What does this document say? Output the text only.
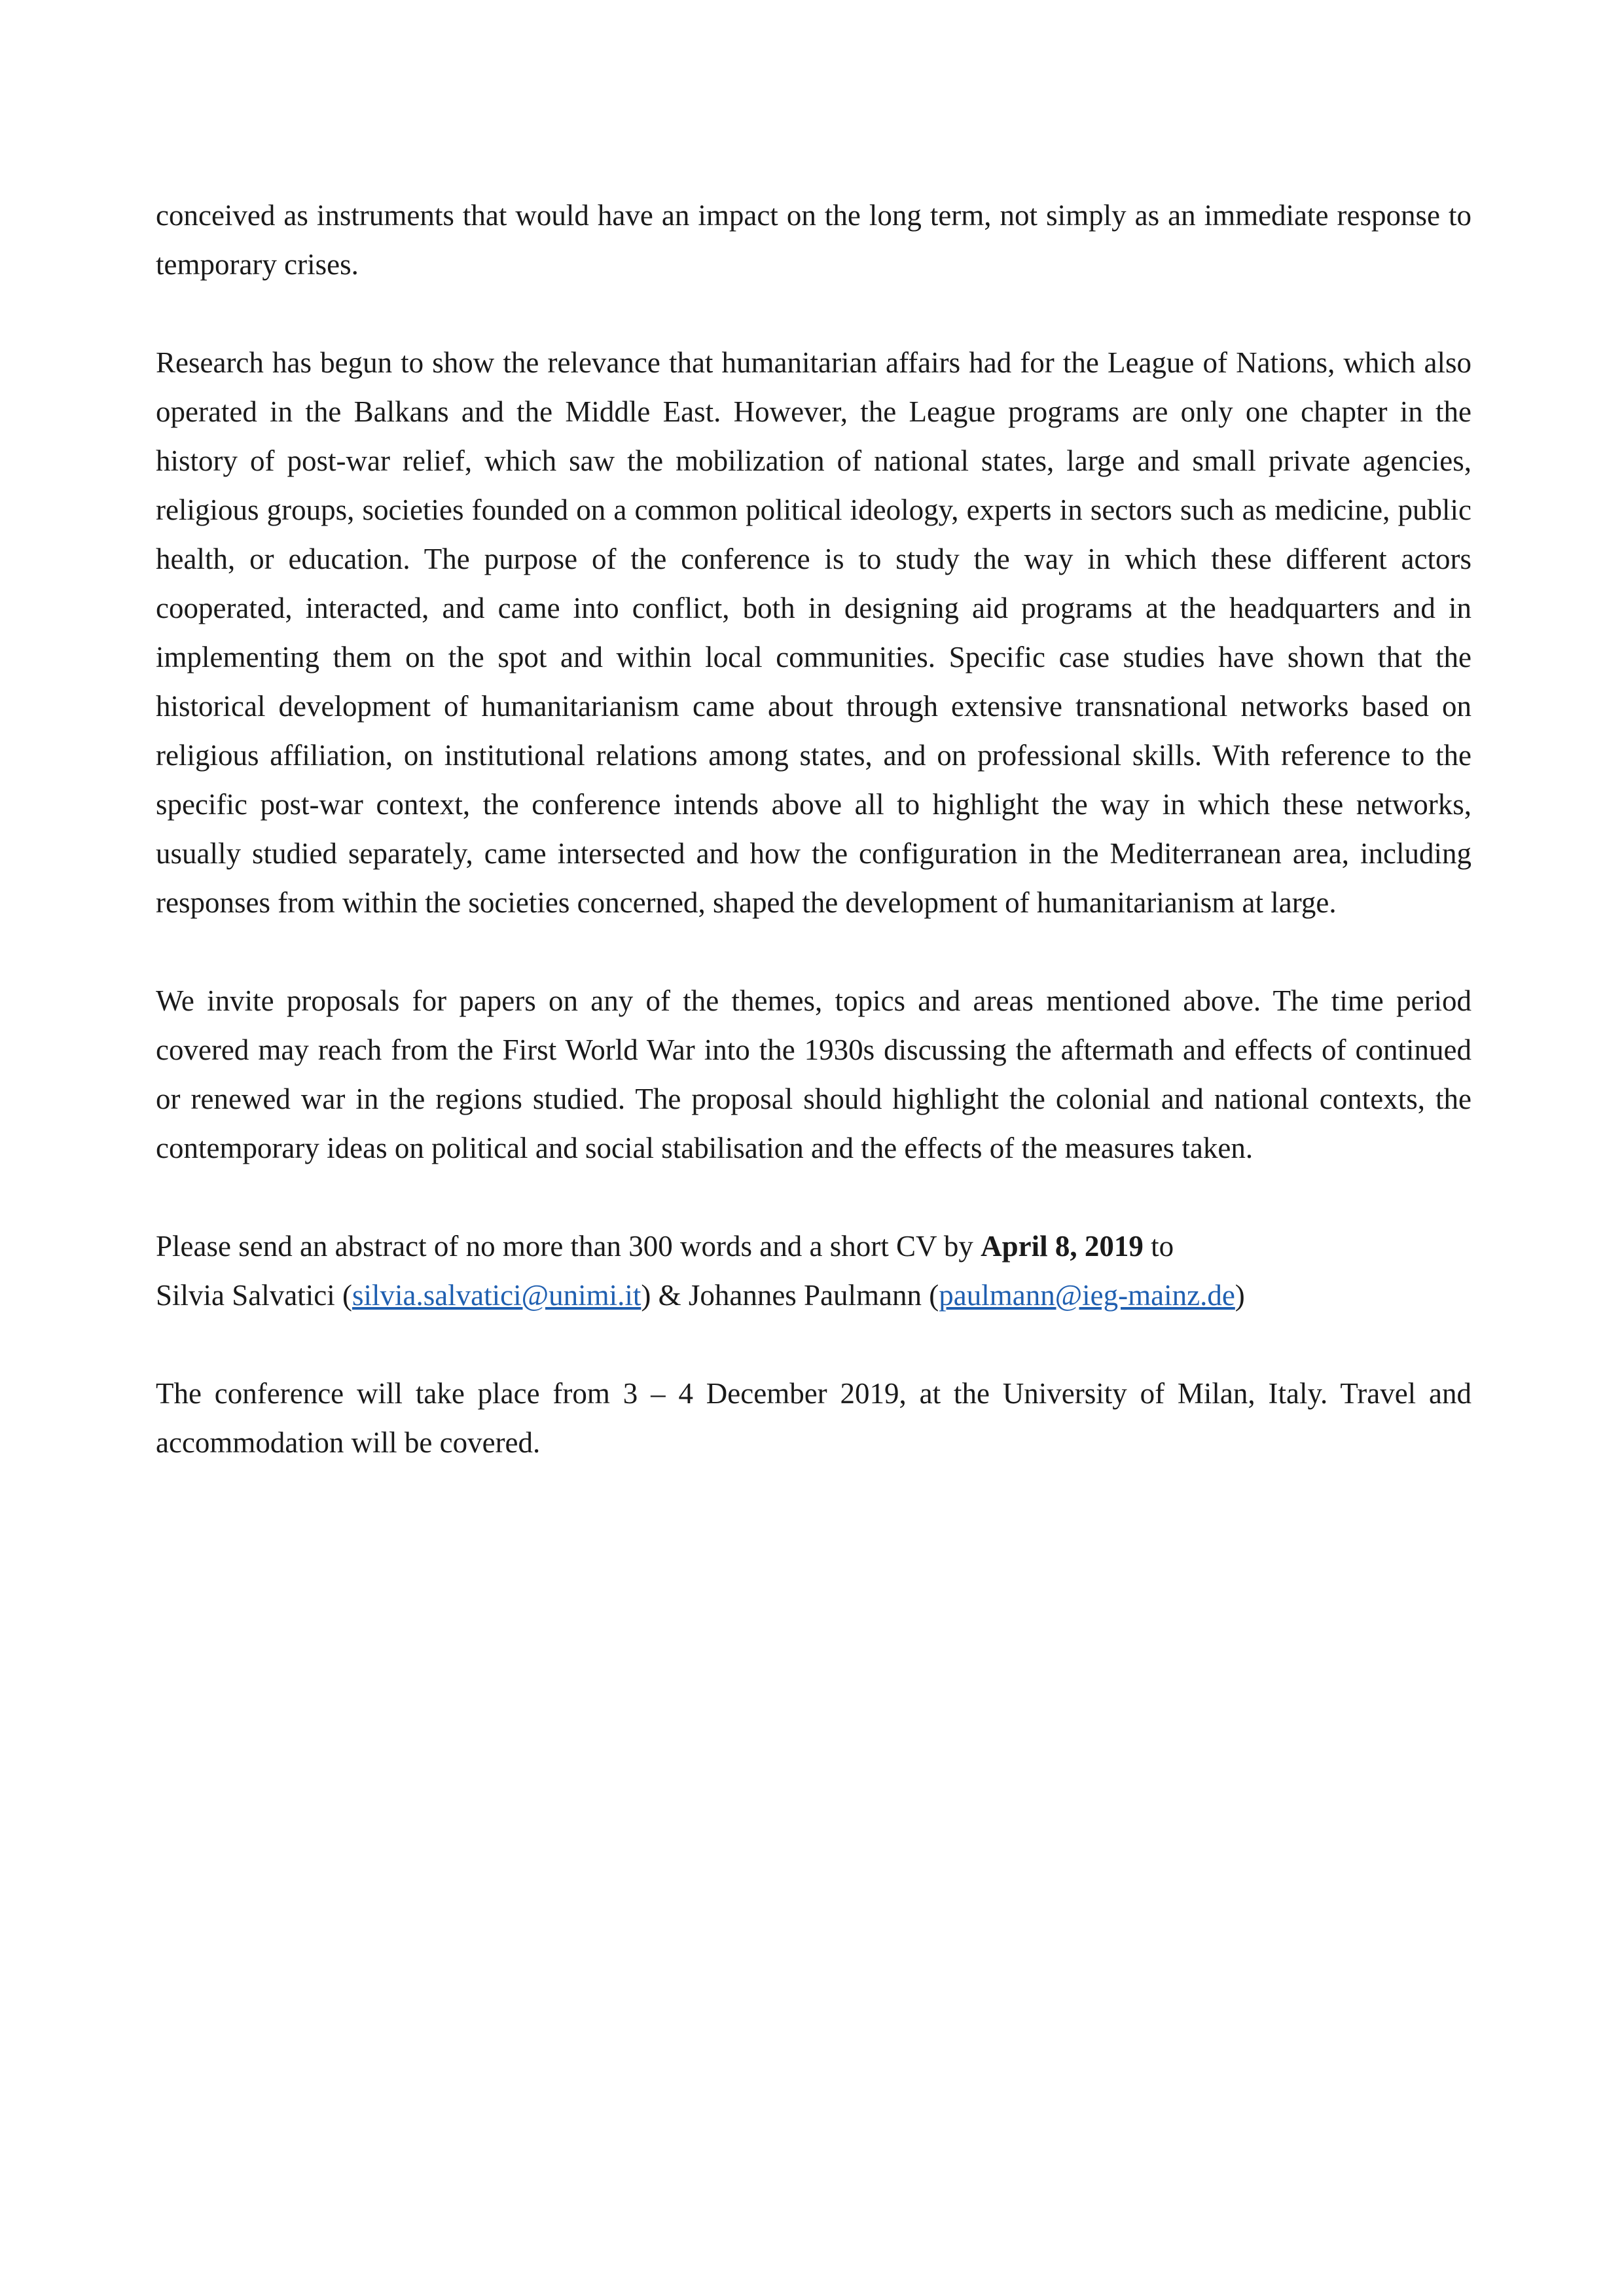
conceived as instruments that would have an impact on the long term, not simply as an immediate response to temporary crises.

Research has begun to show the relevance that humanitarian affairs had for the League of Nations, which also operated in the Balkans and the Middle East. However, the League programs are only one chapter in the history of post-war relief, which saw the mobilization of national states, large and small private agencies, religious groups, societies founded on a common political ideology, experts in sectors such as medicine, public health, or education. The purpose of the conference is to study the way in which these different actors cooperated, interacted, and came into conflict, both in designing aid programs at the headquarters and in implementing them on the spot and within local communities. Specific case studies have shown that the historical development of humanitarianism came about through extensive transnational networks based on religious affiliation, on institutional relations among states, and on professional skills. With reference to the specific post-war context, the conference intends above all to highlight the way in which these networks, usually studied separately, came intersected and how the configuration in the Mediterranean area, including responses from within the societies concerned, shaped the development of humanitarianism at large.

We invite proposals for papers on any of the themes, topics and areas mentioned above. The time period covered may reach from the First World War into the 1930s discussing the aftermath and effects of continued or renewed war in the regions studied. The proposal should highlight the colonial and national contexts, the contemporary ideas on political and social stabilisation and the effects of the measures taken.

Please send an abstract of no more than 300 words and a short CV by April 8, 2019 to
Silvia Salvatici (silvia.salvatici@unimi.it) & Johannes Paulmann (paulmann@ieg-mainz.de)

The conference will take place from 3 – 4 December 2019, at the University of Milan, Italy. Travel and accommodation will be covered.
